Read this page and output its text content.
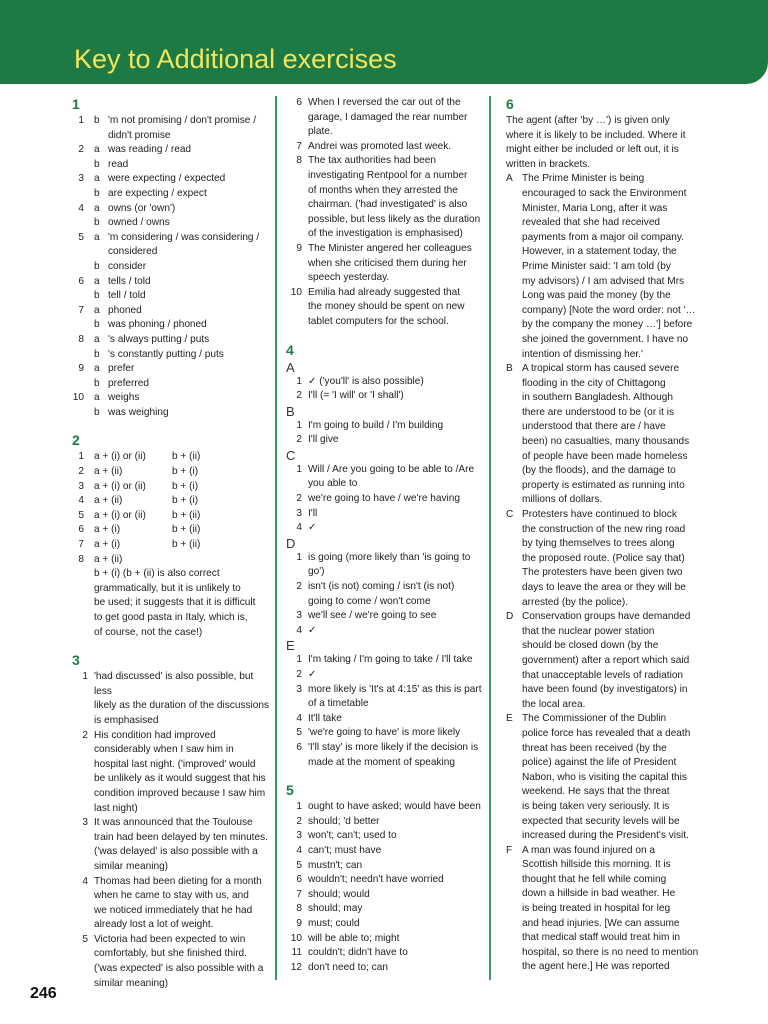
Key to Additional exercises
1
1 b 'm not promising / don't promise /
didn't promise
2 a was reading / read
b read
3 a were expecting / expected
b are expecting / expect
4 a owns (or 'own')
b owned / owns
5 a 'm considering / was considering /
considered
b consider
6 a tells / told
b tell / told
7 a phoned
b was phoning / phoned
8 a 's always putting / puts
b 's constantly putting / puts
9 a prefer
b preferred
10 a weighs
b was weighing
2
1 a + (i) or (ii)	b + (ii)
2 a + (ii)	b + (i)
3 a + (i) or (ii)	b + (i)
4 a + (ii)	b + (i)
5 a + (i) or (ii)	b + (ii)
6 a + (i)	b + (ii)
7 a + (i)	b + (ii)
8 a + (ii)
b + (i) (b + (ii) is also correct
grammatically, but it is unlikely to
be used; it suggests that it is difficult
to get good pasta in Italy, which is,
of course, not the case!)
3
1 'had discussed' is also possible, but less
likely as the duration of the discussions
is emphasised
2 His condition had improved
considerably when I saw him in
hospital last night. ('improved' would
be unlikely as it would suggest that his
condition improved because I saw him
last night)
3 It was announced that the Toulouse
train had been delayed by ten minutes.
('was delayed' is also possible with a
similar meaning)
4 Thomas had been dieting for a month
when he came to stay with us, and
we noticed immediately that he had
already lost a lot of weight.
5 Victoria had been expected to win
comfortably, but she finished third.
('was expected' is also possible with a
similar meaning)
6 When I reversed the car out of the
garage, I damaged the rear number
plate.
7 Andrei was promoted last week.
8 The tax authorities had been
investigating Rentpool for a number
of months when they arrested the
chairman. ('had investigated' is also
possible, but less likely as the duration
of the investigation is emphasised)
9 The Minister angered her colleagues
when she criticised them during her
speech yesterday.
10 Emilia had already suggested that
the money should be spent on new
tablet computers for the school.
4
A
1 ✓ ('you'll' is also possible)
2 I'll (= 'I will' or 'I shall')
B
1 I'm going to build / I'm building
2 I'll give
C
1 Will / Are you going to be able to /Are
you able to
2 we're going to have / we're having
3 I'll
4 ✓
D
1 is going (more likely than 'is going to
go')
2 isn't (is not) coming / isn't (is not)
going to come / won't come
3 we'll see / we're going to see
4 ✓
E
1 I'm taking / I'm going to take / I'll take
2 ✓
3 more likely is 'It's at 4:15' as this is part
of a timetable
4 It'll take
5 'we're going to have' is more likely
6 'I'll stay' is more likely if the decision is
made at the moment of speaking
5
1 ought to have asked; would have been
2 should; 'd better
3 won't; can't; used to
4 can't; must have
5 mustn't; can
6 wouldn't; needn't have worried
7 should; would
8 should; may
9 must; could
10 will be able to; might
11 couldn't; didn't have to
12 don't need to; can
6
The agent (after 'by …') is given only
where it is likely to be included. Where it
might either be included or left out, it is
written in brackets.
A The Prime Minister is being
encouraged to sack the Environment
Minister, Maria Long, after it was
revealed that she had received
payments from a major oil company.
However, in a statement today, the
Prime Minister said: 'I am told (by
my advisors) / I am advised that Mrs
Long was paid the money (by the
company) [Note the word order: not '…
by the company the money …'] before
she joined the government. I have no
intention of dismissing her.'
B A tropical storm has caused severe
flooding in the city of Chittagong
in southern Bangladesh. Although
there are understood to be (or it is
understood that there are / have
been) no casualties, many thousands
of people have been made homeless
(by the floods), and the damage to
property is estimated as running into
millions of dollars.
C Protesters have continued to block
the construction of the new ring road
by tying themselves to trees along
the proposed route. (Police say that)
The protesters have been given two
days to leave the area or they will be
arrested (by the police).
D Conservation groups have demanded
that the nuclear power station
should be closed down (by the
government) after a report which said
that unacceptable levels of radiation
have been found (by investigators) in
the local area.
E The Commissioner of the Dublin
police force has revealed that a death
threat has been received (by the
police) against the life of President
Nabon, who is visiting the capital this
weekend. He says that the threat
is being taken very seriously. It is
expected that security levels will be
increased during the President's visit.
F A man was found injured on a
Scottish hillside this morning. It is
thought that he fell while coming
down a hillside in bad weather. He
is being treated in hospital for leg
and head injuries. [We can assume
that medical staff would treat him in
hospital, so there is no need to mention
the agent here.] He was reported
246
